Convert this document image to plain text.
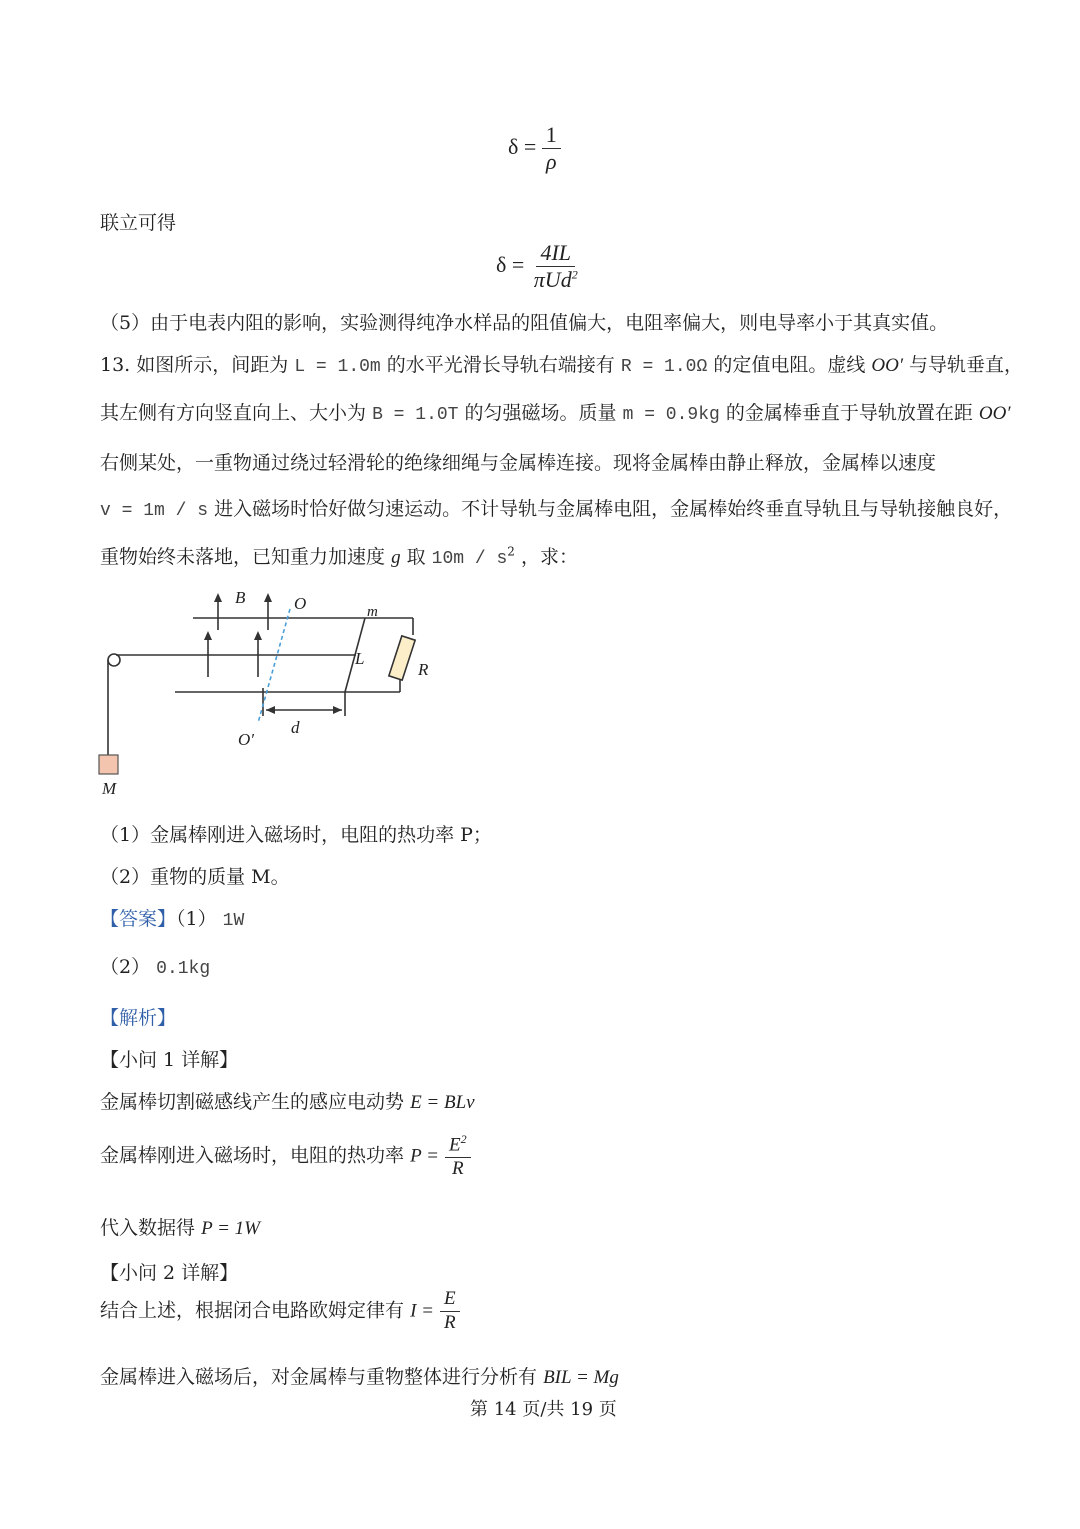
$\delta = \frac{1}{\rho}$
联立可得
$\delta = \frac{4IL}{\pi Ud^2}$
（5）由于电表内阻的影响，实验测得纯净水样品的阻值偏大，电阻率偏大，则电导率小于其真实值。
13. 如图所示，间距为 L = 1.0m 的水平光滑长导轨右端接有 R = 1.0Ω 的定值电阻。虚线 OO′ 与导轨垂直，
其左侧有方向竖直向上、大小为 B = 1.0T 的匀强磁场。质量 m = 0.9kg 的金属棒垂直于导轨放置在距 OO′
右侧某处，一重物通过绕过轻滑轮的绝缘细绳与金属棒连接。现将金属棒由静止释放，金属棒以速度
v = 1m / s 进入磁场时恰好做匀速运动。不计导轨与金属棒电阻，金属棒始终垂直导轨且与导轨接触良好，
重物始终未落地，已知重力加速度 g 取 $10m / s^2$ ，求：
B	O
O′
m
L
R
d
M
（1）金属棒刚进入磁场时，电阻的热功率 P；
（2）重物的质量 M。
【答案】（1） 1W
（2） 0.1kg
【解析】
【小问 1 详解】
金属棒切割磁感线产生的感应电动势 E = BLv
金属棒刚进入磁场时，电阻的热功率 $P = \frac{E^2}{R}$
代入数据得 P = 1W
【小问 2 详解】
结合上述，根据闭合电路欧姆定律有 $I = \frac{E}{R}$
金属棒进入磁场后，对金属棒与重物整体进行分析有 BIL = Mg
第 14 页/共 19 页
